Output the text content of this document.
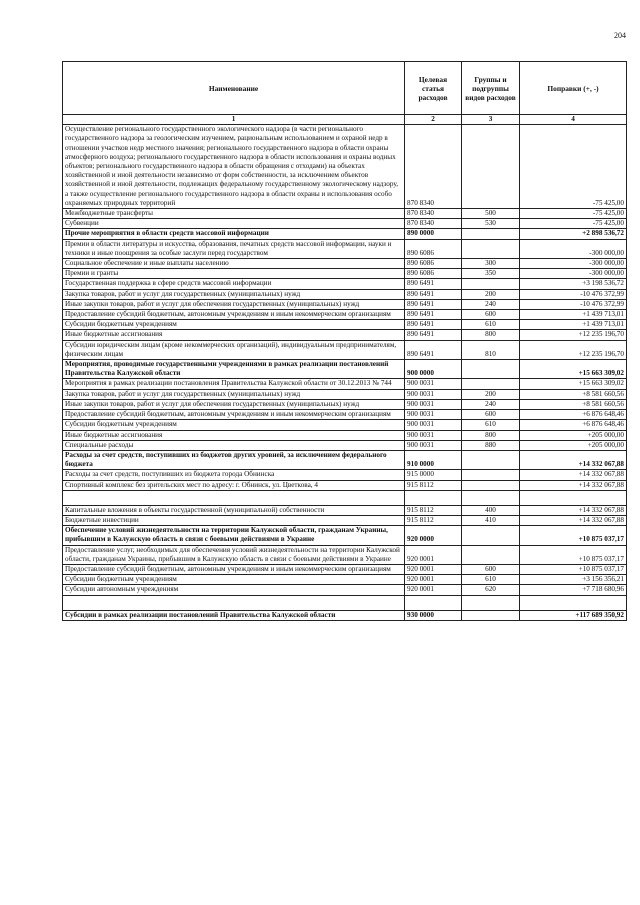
204
Наименование	Целевая статья расходов	Группы и подгруппы видов расходов	Поправки (+, -)
1	2	3	4
Осуществление регионального государственного экологического надзора (в части регионального государственного надзора за геологическим изучением, рациональным использованием и охраной недр в отношении участков недр местного значения; регионального государственного надзора в области охраны атмосферного воздуха; регионального государственного надзора в области использования и охраны водных объектов; регионального государственного надзора в области обращения с отходами) на объектах хозяйственной и иной деятельности независимо от форм собственности, за исключением объектов хозяйственной и иной деятельности, подлежащих федеральному государственному экологическому надзору, а также осуществление регионального государственного надзора в области охраны и использования особо охраняемых природных территорий	870 8340		-75 425,00
Межбюджетные трансферты	870 8340	500	-75 425,00
Субвенции	870 8340	530	-75 425,00
Прочие мероприятия в области средств массовой информации	890 0000		+2 898 536,72
Премии в области литературы и искусства, образования, печатных средств массовой информации, науки и техники и иные поощрения за особые заслуги перед государством	890 6086		-300 000,00
Социальное обеспечение и иные выплаты населению	890 6086	300	-300 000,00
Премии и гранты	890 6086	350	-300 000,00
Государственная поддержка в сфере средств массовой информации	890 6491		+3 198 536,72
Закупка товаров, работ и услуг для государственных (муниципальных) нужд	890 6491	200	-10 476 372,99
Иные закупки товаров, работ и услуг для обеспечения государственных (муниципальных) нужд	890 6491	240	-10 476 372,99
Предоставление субсидий бюджетным, автономным учреждениям и иным некоммерческим организациям	890 6491	600	+1 439 713,01
Субсидии бюджетным учреждениям	890 6491	610	+1 439 713,01
Иные бюджетные ассигнования	890 6491	800	+12 235 196,70
Субсидии юридическим лицам (кроме некоммерческих организаций), индивидуальным предпринимателям, физическим лицам	890 6491	810	+12 235 196,70
Мероприятия, проводимые государственными учреждениями в рамках реализации постановлений Правительства Калужской области	900 0000		+15 663 309,02
Мероприятия в рамках реализации постановления Правительства Калужской области от 30.12.2013 № 744	900 0031		+15 663 309,02
Закупка товаров, работ и услуг для государственных (муниципальных) нужд	900 0031	200	+8 581 660,56
Иные закупки товаров, работ и услуг для обеспечения государственных (муниципальных) нужд	900 0031	240	+8 581 660,56
Предоставление субсидий бюджетным, автономным учреждениям и иным некоммерческим организациям	900 0031	600	+6 876 648,46
Субсидии бюджетным учреждениям	900 0031	610	+6 876 648,46
Иные бюджетные ассигнования	900 0031	800	+205 000,00
Специальные расходы	900 0031	880	+205 000,00
Расходы за счет средств, поступивших из бюджетов других уровней, за исключением федерального бюджета	910 0000		+14 332 067,88
Расходы за счет средств, поступивших из бюджета города Обнинска	915 0000		+14 332 067,88
Спортивный комплекс без зрительских мест по адресу: г. Обнинск, ул. Цветкова, 4	915 8112		+14 332 067,88

Капитальные вложения в объекты государственной (муниципальной) собственности	915 8112	400	+14 332 067,88
Бюджетные инвестиции	915 8112	410	+14 332 067,88
Обеспечение условий жизнедеятельности на территории Калужской области, гражданам Украины, прибывшим в Калужскую область в связи с боевыми действиями в Украине	920 0000		+10 875 037,17
Предоставление услуг, необходимых для обеспечения условий жизнедеятельности на территории Калужской области, гражданам Украины, прибывшим в Калужскую область в связи с боевыми действиями в Украине	920 0001		+10 875 037,17
Предоставление субсидий бюджетным, автономным учреждениям и иным некоммерческим организациям	920 0001	600	+10 875 037,17
Субсидии бюджетным учреждениям	920 0001	610	+3 156 356,21
Субсидии автономным учреждениям	920 0001	620	+7 718 680,96

Субсидии в рамках реализации постановлений Правительства Калужской области	930 0000		+117 689 350,92
